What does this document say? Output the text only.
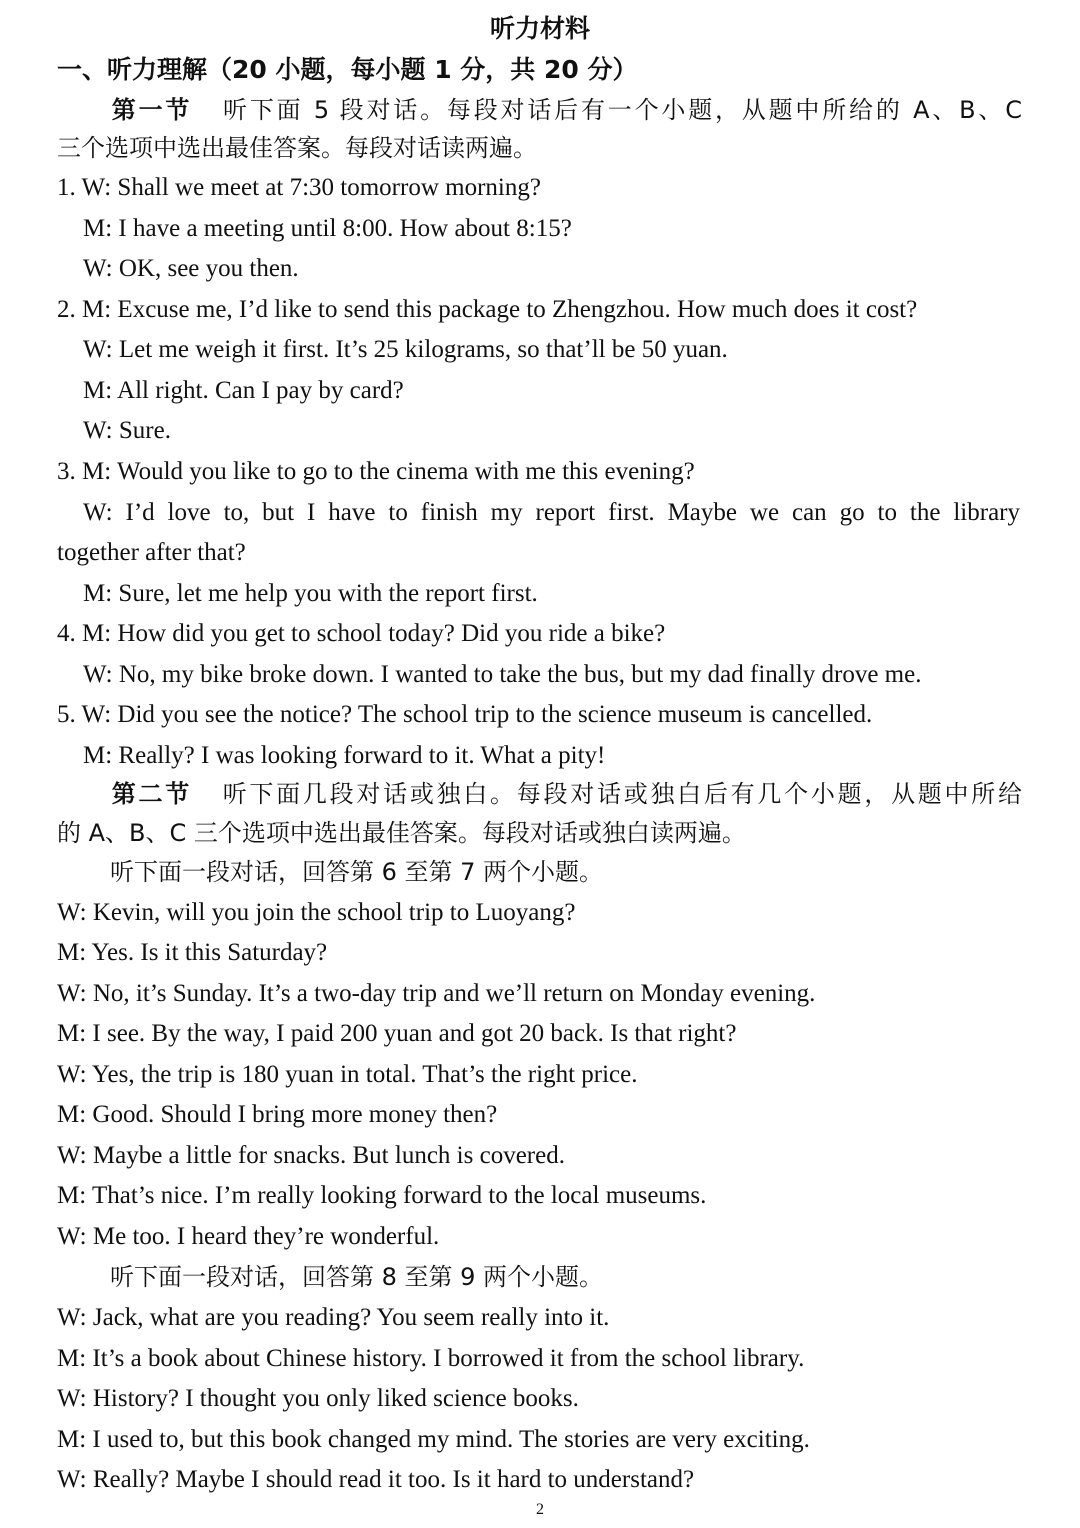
听力材料
一、听力理解（20 小题，每小题 1 分，共 20 分）
第一节 听下面 5 段对话。每段对话后有一个小题，从题中所给的 A、B、C
三个选项中选出最佳答案。每段对话读两遍。
1. W: Shall we meet at 7:30 tomorrow morning?
M: I have a meeting until 8:00. How about 8:15?
W: OK, see you then.
2. M: Excuse me, I’d like to send this package to Zhengzhou. How much does it cost?
W: Let me weigh it first. It’s 25 kilograms, so that’ll be 50 yuan.
M: All right. Can I pay by card?
W: Sure.
3. M: Would you like to go to the cinema with me this evening?
W: I’d love to, but I have to finish my report first. Maybe we can go to the library
together after that?
M: Sure, let me help you with the report first.
4. M: How did you get to school today? Did you ride a bike?
W: No, my bike broke down. I wanted to take the bus, but my dad finally drove me.
5. W: Did you see the notice? The school trip to the science museum is cancelled.
M: Really? I was looking forward to it. What a pity!
第二节 听下面几段对话或独白。每段对话或独白后有几个小题，从题中所给
的 A、B、C 三个选项中选出最佳答案。每段对话或独白读两遍。
听下面一段对话，回答第 6 至第 7 两个小题。
W: Kevin, will you join the school trip to Luoyang?
M: Yes. Is it this Saturday?
W: No, it’s Sunday. It’s a two-day trip and we’ll return on Monday evening.
M: I see. By the way, I paid 200 yuan and got 20 back. Is that right?
W: Yes, the trip is 180 yuan in total. That’s the right price.
M: Good. Should I bring more money then?
W: Maybe a little for snacks. But lunch is covered.
M: That’s nice. I’m really looking forward to the local museums.
W: Me too. I heard they’re wonderful.
听下面一段对话，回答第 8 至第 9 两个小题。
W: Jack, what are you reading? You seem really into it.
M: It’s a book about Chinese history. I borrowed it from the school library.
W: History? I thought you only liked science books.
M: I used to, but this book changed my mind. The stories are very exciting.
W: Really? Maybe I should read it too. Is it hard to understand?
2
